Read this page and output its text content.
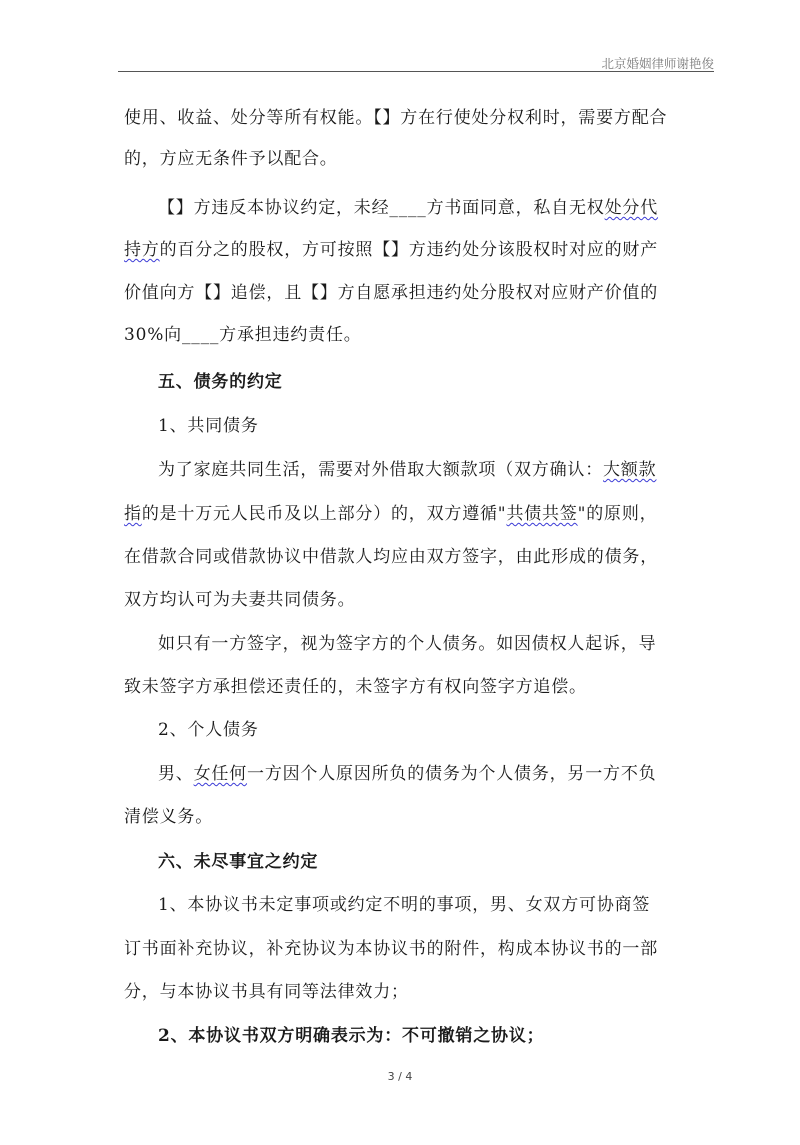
北京婚姻律师谢艳俊
使用、收益、处分等所有权能。【】方在行使处分权利时，需要方配合
的，方应无条件予以配合。
【】方违反本协议约定，未经____方书面同意，私自无权处分代
持方的百分之的股权，方可按照【】方违约处分该股权时对应的财产
价值向方【】追偿，且【】方自愿承担违约处分股权对应财产价值的
30%向____方承担违约责任。
五、债务的约定
1、共同债务
为了家庭共同生活，需要对外借取大额款项（双方确认：大额款
指的是十万元人民币及以上部分）的，双方遵循"共债共签"的原则，
在借款合同或借款协议中借款人均应由双方签字，由此形成的债务，
双方均认可为夫妻共同债务。
如只有一方签字，视为签字方的个人债务。如因债权人起诉，导
致未签字方承担偿还责任的，未签字方有权向签字方追偿。
2、个人债务
男、女任何一方因个人原因所负的债务为个人债务，另一方不负
清偿义务。
六、未尽事宜之约定
1、本协议书未定事项或约定不明的事项，男、女双方可协商签
订书面补充协议，补充协议为本协议书的附件，构成本协议书的一部
分，与本协议书具有同等法律效力；
2、本协议书双方明确表示为：不可撤销之协议；
3 / 4
